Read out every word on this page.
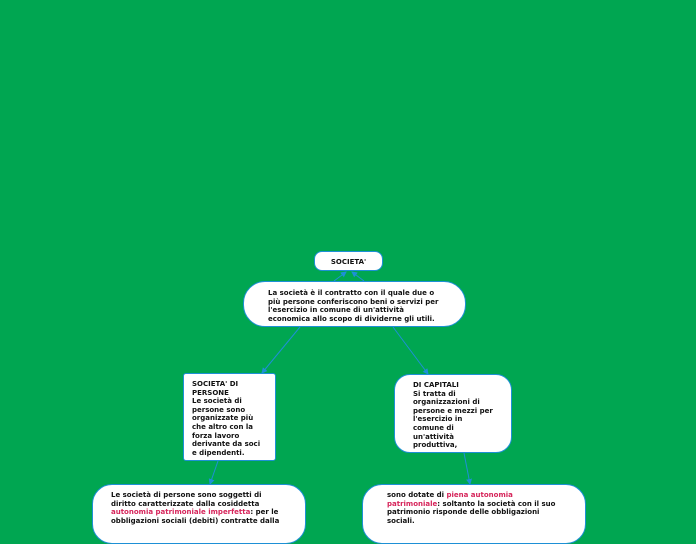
SOCIETA'
La società è il contratto con il quale due o più persone conferiscono beni o servizi per l'esercizio in comune di un'attività economica allo scopo di dividerne gli utili.
SOCIETA' DI PERSONE
Le società di persone sono organizzate più che altro con la forza lavoro derivante da soci e dipendenti.
DI CAPITALI
Si tratta di organizzazioni di persone e mezzi per l'esercizio in comune di un'attività produttiva,
Le società di persone sono soggetti di diritto caratterizzate dalla cosiddetta autonomia patrimoniale imperfetta: per le obbligazioni sociali (debiti) contratte dalla
sono dotate di piena autonomia patrimoniale: soltanto la società con il suo patrimonio risponde delle obbligazioni sociali.
